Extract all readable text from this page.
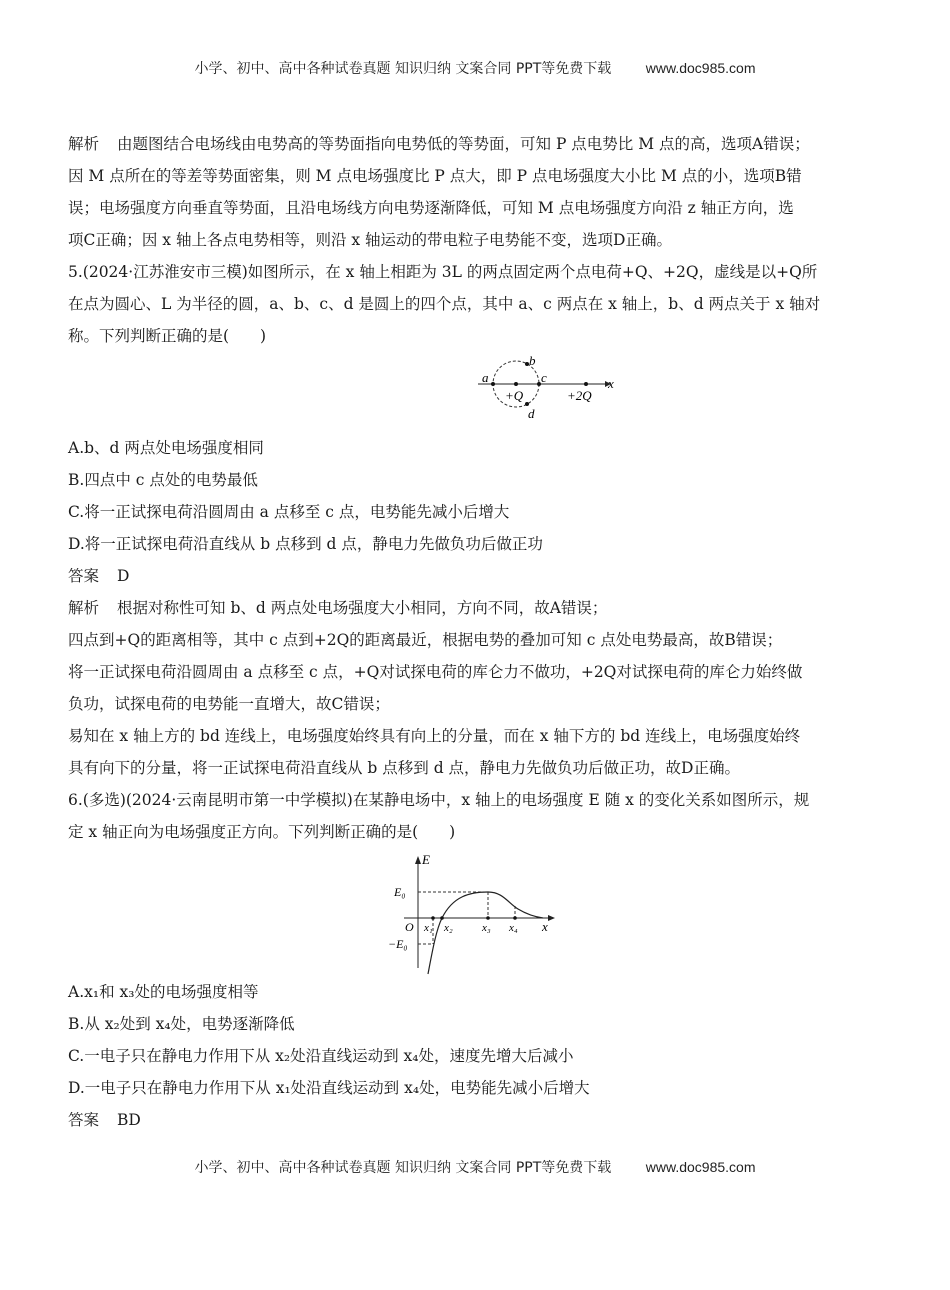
小学、初中、高中各种试卷真题 知识归纳 文案合同 PPT等免费下载 www.doc985.com
解析 由题图结合电场线由电势高的等势面指向电势低的等势面，可知 P 点电势比 M 点的高，选项A错误；
因 M 点所在的等差等势面密集，则 M 点电场强度比 P 点大，即 P 点电场强度大小比 M 点的小，选项B错
误；电场强度方向垂直等势面，且沿电场线方向电势逐渐降低，可知 M 点电场强度方向沿 z 轴正方向，选
项C正确；因 x 轴上各点电势相等，则沿 x 轴运动的带电粒子电势能不变，选项D正确。
5.(2024·江苏淮安市三模)如图所示，在 x 轴上相距为 3L 的两点固定两个点电荷+Q、+2Q，虚线是以+Q所
在点为圆心、L 为半径的圆，a、b、c、d 是圆上的四个点，其中 a、c 两点在 x 轴上，b、d 两点关于 x 轴对
称。下列判断正确的是(　　)
a
b
c
d
+Q	+2Q
x
A.b、d 两点处电场强度相同
B.四点中 c 点处的电势最低
C.将一正试探电荷沿圆周由 a 点移至 c 点，电势能先减小后增大
D.将一正试探电荷沿直线从 b 点移到 d 点，静电力先做负功后做正功
答案 D
解析 根据对称性可知 b、d 两点处电场强度大小相同，方向不同，故A错误；
四点到+Q的距离相等，其中 c 点到+2Q的距离最近，根据电势的叠加可知 c 点处电势最高，故B错误；
将一正试探电荷沿圆周由 a 点移至 c 点，+Q对试探电荷的库仑力不做功，+2Q对试探电荷的库仑力始终做
负功，试探电荷的电势能一直增大，故C错误；
易知在 x 轴上方的 bd 连线上，电场强度始终具有向上的分量，而在 x 轴下方的 bd 连线上，电场强度始终
具有向下的分量，将一正试探电荷沿直线从 b 点移到 d 点，静电力先做负功后做正功，故D正确。
6.(多选)(2024·云南昆明市第一中学模拟)在某静电场中，x 轴上的电场强度 E 随 x 的变化关系如图所示，规
定 x 轴正向为电场强度正方向。下列判断正确的是(　　)
E
E₀
−E₀
O x₁ x₂	x₃ x₄ x
A.x₁和 x₃处的电场强度相等
B.从 x₂处到 x₄处，电势逐渐降低
C.一电子只在静电力作用下从 x₂处沿直线运动到 x₄处，速度先增大后减小
D.一电子只在静电力作用下从 x₁处沿直线运动到 x₄处，电势能先减小后增大
答案 BD
小学、初中、高中各种试卷真题 知识归纳 文案合同 PPT等免费下载 www.doc985.com
